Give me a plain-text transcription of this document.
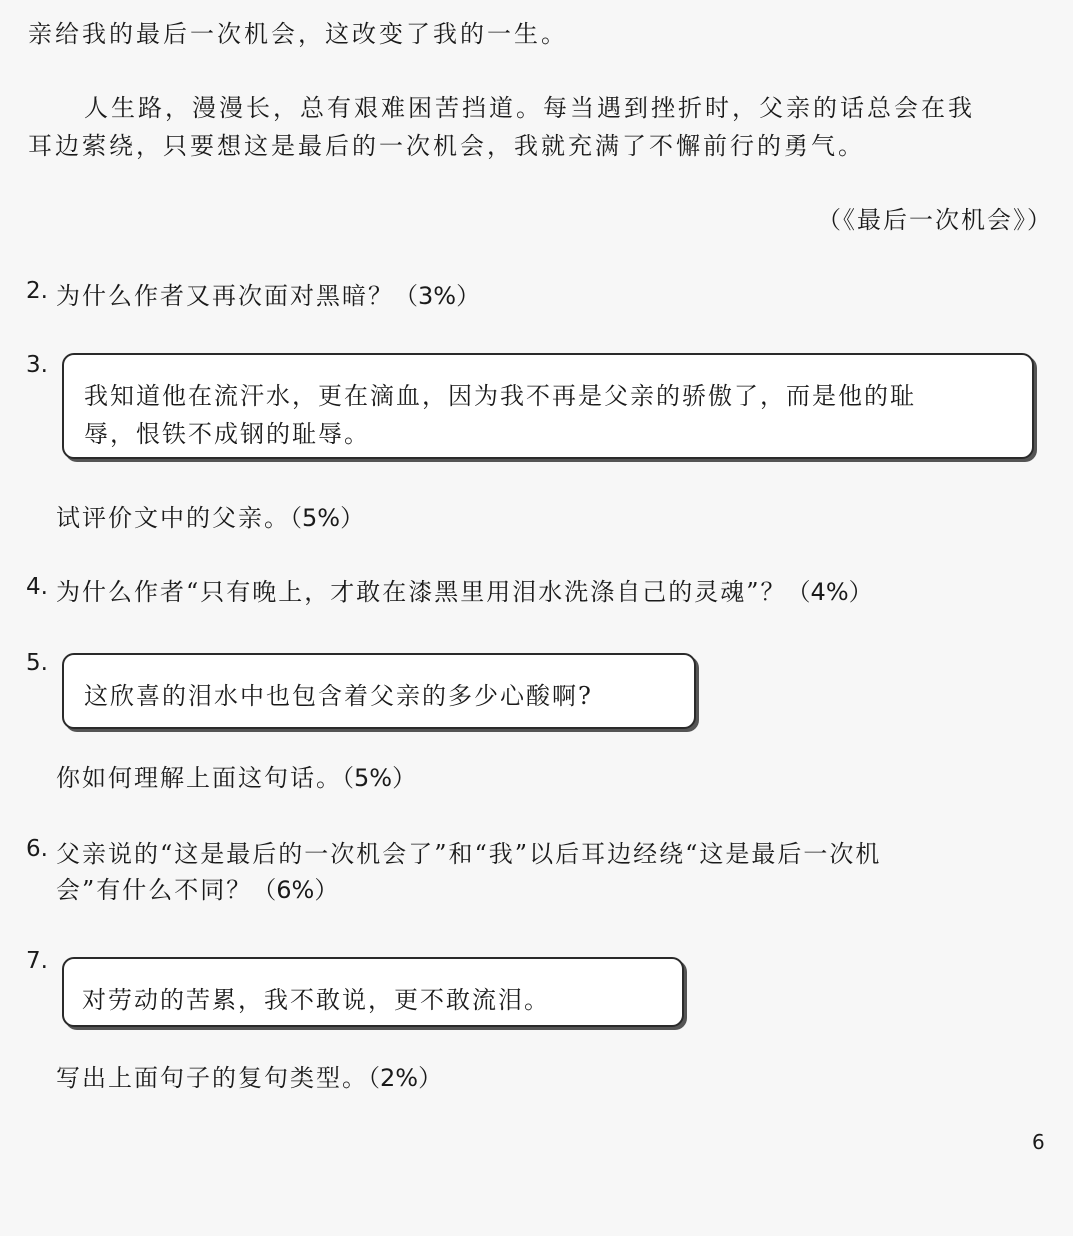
亲给我的最后一次机会，这改变了我的一生。
人生路，漫漫长，总有艰难困苦挡道。每当遇到挫折时，父亲的话总会在我
耳边萦绕，只要想这是最后的一次机会，我就充满了不懈前行的勇气。
（《最后一次机会》）
2. 为什么作者又再次面对黑暗？（3%）
3.
我知道他在流汗水，更在滴血，因为我不再是父亲的骄傲了，而是他的耻
辱，恨铁不成钢的耻辱。
试评价文中的父亲。（5%）
4. 为什么作者“只有晚上，才敢在漆黑里用泪水洗涤自己的灵魂”？（4%）
5.
这欣喜的泪水中也包含着父亲的多少心酸啊?
你如何理解上面这句话。（5%）
6. 父亲说的“这是最后的一次机会了”和“我”以后耳边经绕“这是最后一次机
会”有什么不同？（6%）
7.
对劳动的苦累，我不敢说，更不敢流泪。
写出上面句子的复句类型。（2%）
6
